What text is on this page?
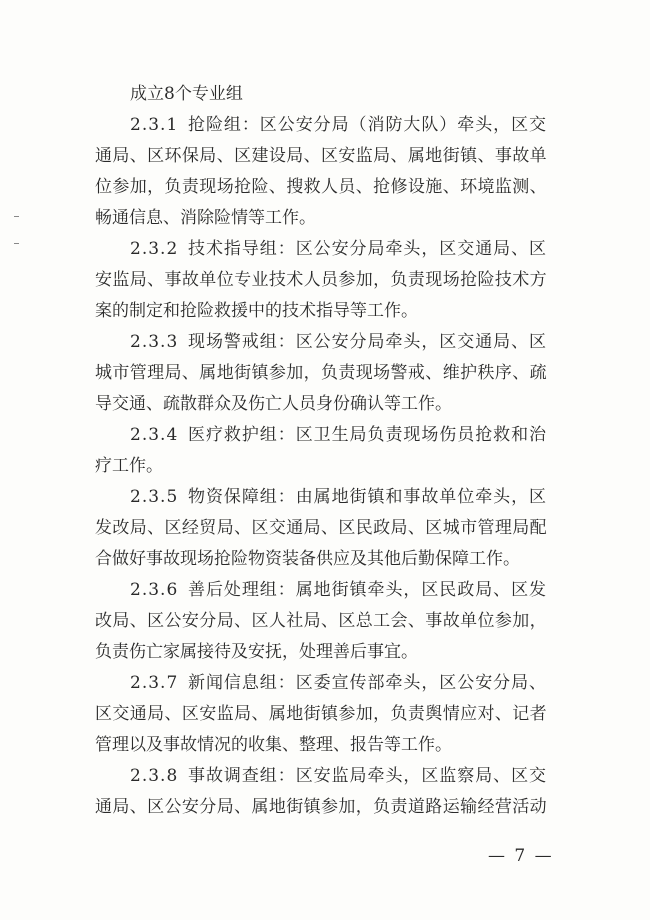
成立8个专业组
2.3.1 抢险组：区公安分局（消防大队）牵头，区交
通局、区环保局、区建设局、区安监局、属地街镇、事故单
位参加，负责现场抢险、搜救人员、抢修设施、环境监测、
畅通信息、消除险情等工作。
2.3.2 技术指导组：区公安分局牵头，区交通局、区
安监局、事故单位专业技术人员参加，负责现场抢险技术方
案的制定和抢险救援中的技术指导等工作。
2.3.3 现场警戒组：区公安分局牵头，区交通局、区
城市管理局、属地街镇参加，负责现场警戒、维护秩序、疏
导交通、疏散群众及伤亡人员身份确认等工作。
2.3.4 医疗救护组：区卫生局负责现场伤员抢救和治
疗工作。
2.3.5 物资保障组：由属地街镇和事故单位牵头，区
发改局、区经贸局、区交通局、区民政局、区城市管理局配
合做好事故现场抢险物资装备供应及其他后勤保障工作。
2.3.6 善后处理组：属地街镇牵头，区民政局、区发
改局、区公安分局、区人社局、区总工会、事故单位参加，
负责伤亡家属接待及安抚，处理善后事宜。
2.3.7 新闻信息组：区委宣传部牵头，区公安分局、
区交通局、区安监局、属地街镇参加，负责舆情应对、记者
管理以及事故情况的收集、整理、报告等工作。
2.3.8 事故调查组：区安监局牵头，区监察局、区交
通局、区公安分局、属地街镇参加，负责道路运输经营活动
— 7 —
